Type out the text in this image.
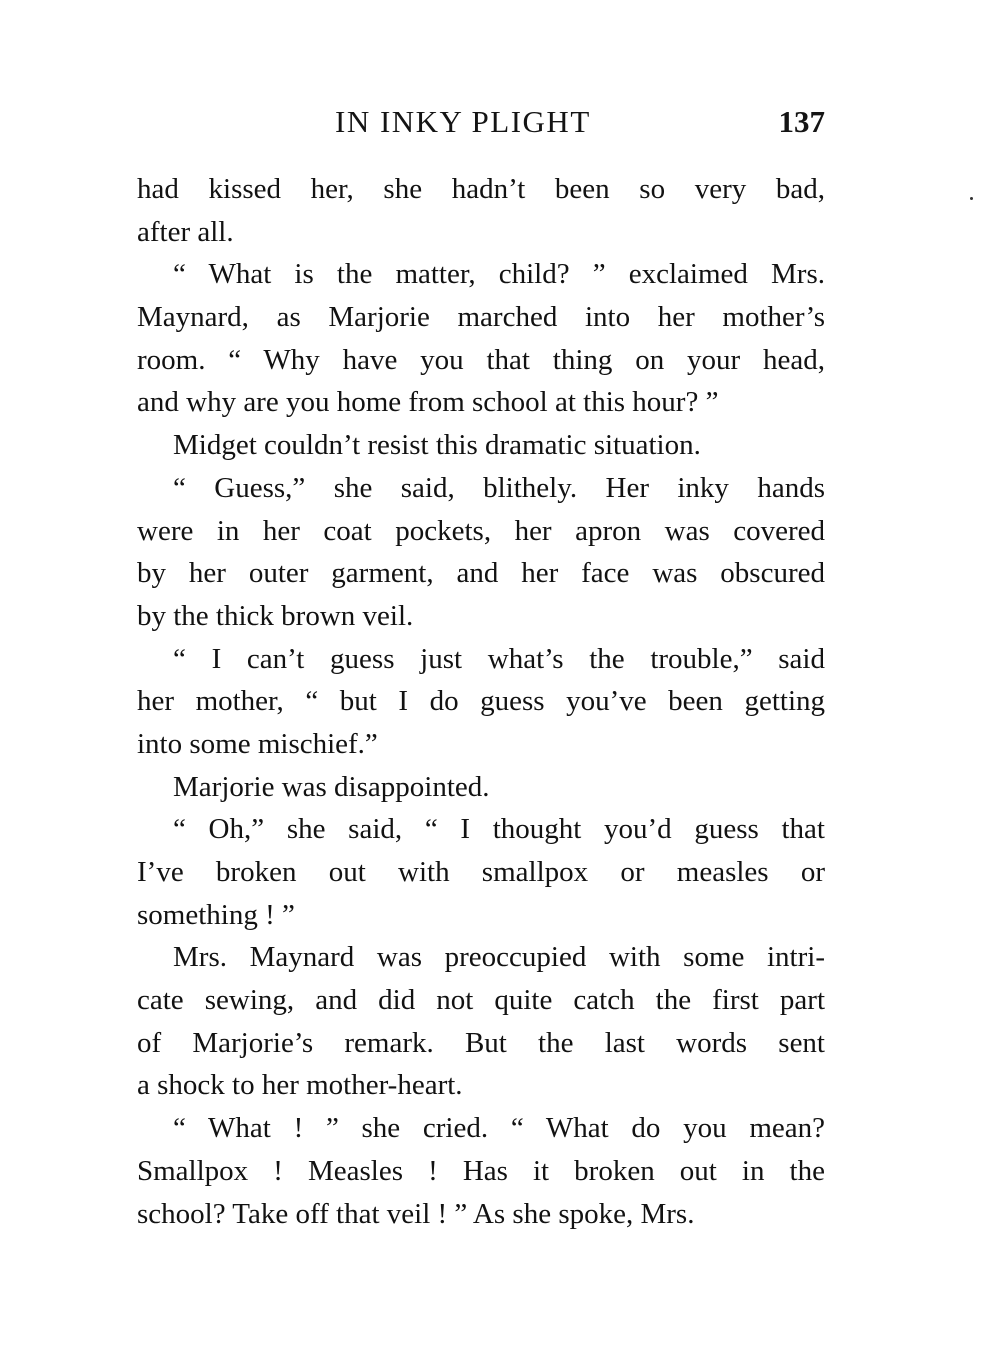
IN INKY PLIGHT	137
had kissed her, she hadn’t been so very bad,
after all.
“ What is the matter, child? ” exclaimed Mrs.
Maynard, as Marjorie marched into her mother’s
room. “ Why have you that thing on your head,
and why are you home from school at this hour? ”
Midget couldn’t resist this dramatic situation.
“ Guess,” she said, blithely. Her inky hands
were in her coat pockets, her apron was covered
by her outer garment, and her face was obscured
by the thick brown veil.
“ I can’t guess just what’s the trouble,” said
her mother, “ but I do guess you’ve been getting
into some mischief.”
Marjorie was disappointed.
“ Oh,” she said, “ I thought you’d guess that
I’ve broken out with smallpox or measles or
something ! ”
Mrs. Maynard was preoccupied with some intri-
cate sewing, and did not quite catch the first part
of Marjorie’s remark. But the last words sent
a shock to her mother-heart.
“ What ! ” she cried. “ What do you mean?
Smallpox ! Measles ! Has it broken out in the
school? Take off that veil ! ” As she spoke, Mrs.
